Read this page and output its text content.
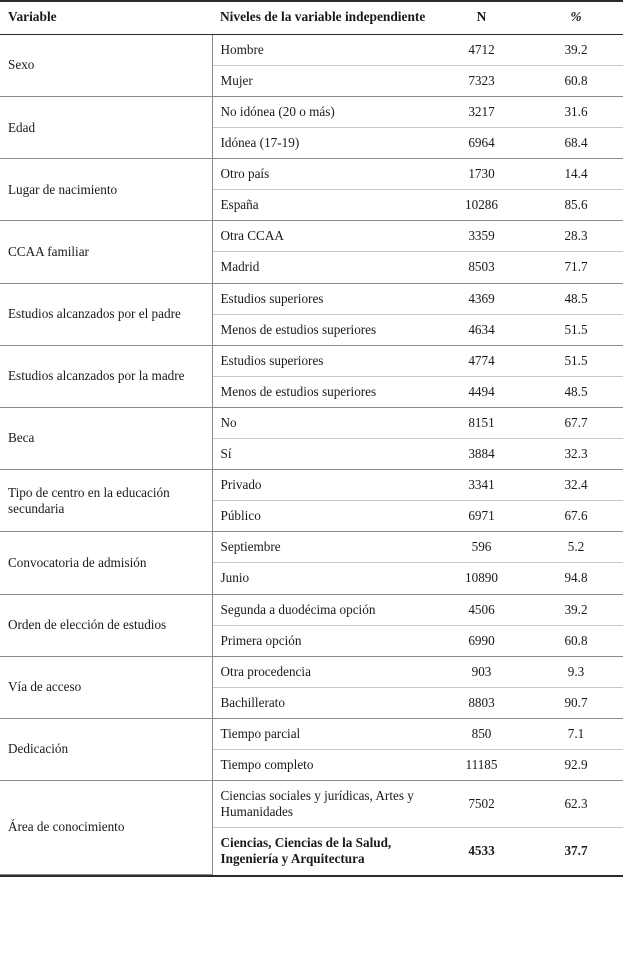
Variable	Niveles de la variable independiente	N	%
Sexo	Hombre	4712	39.2
	Mujer	7323	60.8
Edad	No idónea (20 o más)	3217	31.6
	Idónea (17-19)	6964	68.4
Lugar de nacimiento	Otro país	1730	14.4
	España	10286	85.6
CCAA familiar	Otra CCAA	3359	28.3
	Madrid	8503	71.7
Estudios alcanzados por el padre	Estudios superiores	4369	48.5
	Menos de estudios superiores	4634	51.5
Estudios alcanzados por la madre	Estudios superiores	4774	51.5
	Menos de estudios superiores	4494	48.5
Beca	No	8151	67.7
	Sí	3884	32.3
Tipo de centro en la educación secundaria	Privado	3341	32.4
	Público	6971	67.6
Convocatoria de admisión	Septiembre	596	5.2
	Junio	10890	94.8
Orden de elección de estudios	Segunda a duodécima opción	4506	39.2
	Primera opción	6990	60.8
Vía de acceso	Otra procedencia	903	9.3
	Bachillerato	8803	90.7
Dedicación	Tiempo parcial	850	7.1
	Tiempo completo	11185	92.9
Área de conocimiento	Ciencias sociales y jurídicas, Artes y Humanidades	7502	62.3
	Ciencias, Ciencias de la Salud, Ingeniería y Arquitectura	4533	37.7
